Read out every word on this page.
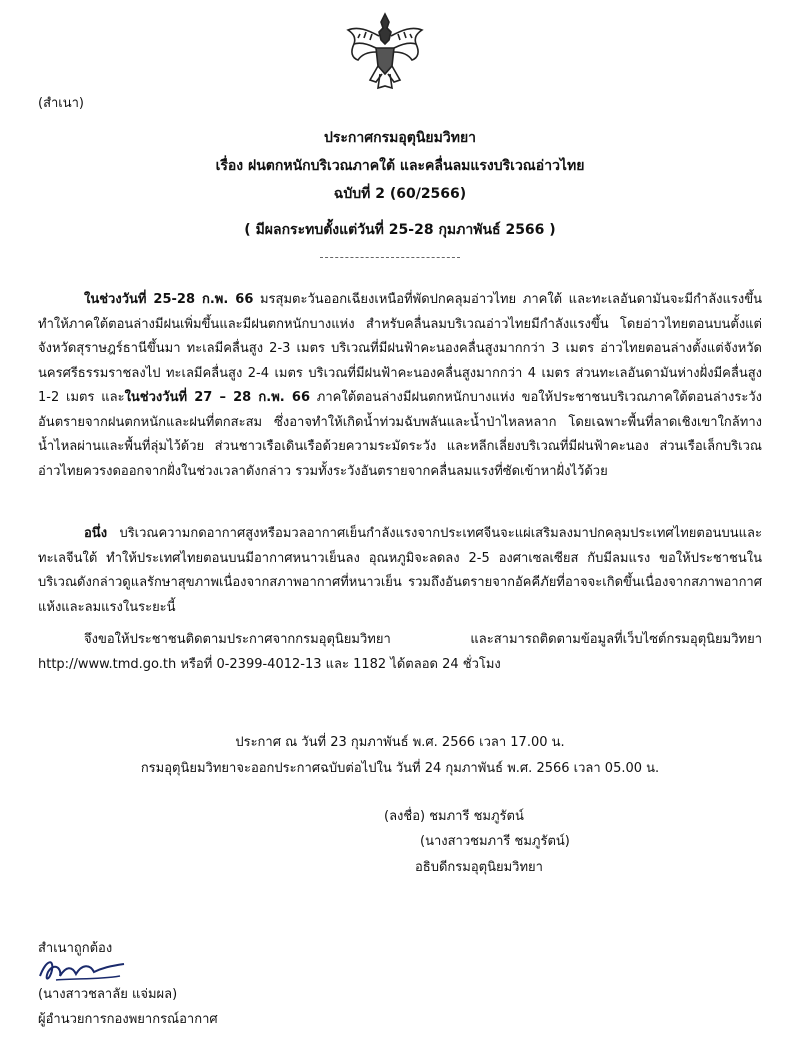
(สำเนา)
ประกาศกรมอุตุนิยมวิทยา
เรื่อง ฝนตกหนักบริเวณภาคใต้ และคลื่นลมแรงบริเวณอ่าวไทย
ฉบับที่ 2 (60/2566)
( มีผลกระทบตั้งแต่วันที่ 25-28 กุมภาพันธ์ 2566 )
ในช่วงวันที่ 25-28 ก.พ. 66 มรสุมตะวันออกเฉียงเหนือที่พัดปกคลุมอ่าวไทย ภาคใต้ และทะเลอันดามันจะมีกำลังแรงขึ้น ทำให้ภาคใต้ตอนล่างมีฝนเพิ่มขึ้นและมีฝนตกหนักบางแห่ง สำหรับคลื่นลมบริเวณอ่าวไทยมีกำลังแรงขึ้น โดยอ่าวไทยตอนบนตั้งแต่จังหวัดสุราษฎร์ธานีขึ้นมา ทะเลมีคลื่นสูง 2-3 เมตร บริเวณที่มีฝนฟ้าคะนองคลื่นสูงมากกว่า 3 เมตร อ่าวไทยตอนล่างตั้งแต่จังหวัดนครศรีธรรมราชลงไป ทะเลมีคลื่นสูง 2-4 เมตร บริเวณที่มีฝนฟ้าคะนองคลื่นสูงมากกว่า 4 เมตร ส่วนทะเลอันดามันห่างฝั่งมีคลื่นสูง 1-2 เมตร และในช่วงวันที่ 27 – 28 ก.พ. 66 ภาคใต้ตอนล่างมีฝนตกหนักบางแห่ง ขอให้ประชาชนบริเวณภาคใต้ตอนล่างระวังอันตรายจากฝนตกหนักและฝนที่ตกสะสม ซึ่งอาจทำให้เกิดน้ำท่วมฉับพลันและน้ำป่าไหลหลาก โดยเฉพาะพื้นที่ลาดเชิงเขาใกล้ทางน้ำไหลผ่านและพื้นที่ลุ่มไว้ด้วย ส่วนชาวเรือเดินเรือด้วยความระมัดระวัง และหลีกเลี่ยงบริเวณที่มีฝนฟ้าคะนอง ส่วนเรือเล็กบริเวณอ่าวไทยควรงดออกจากฝั่งในช่วงเวลาดังกล่าว รวมทั้งระวังอันตรายจากคลื่นลมแรงที่ซัดเข้าหาฝั่งไว้ด้วย
อนึ่ง บริเวณความกดอากาศสูงหรือมวลอากาศเย็นกำลังแรงจากประเทศจีนจะแผ่เสริมลงมาปกคลุมประเทศไทยตอนบนและทะเลจีนใต้ ทำให้ประเทศไทยตอนบนมีอากาศหนาวเย็นลง อุณหภูมิจะลดลง 2-5 องศาเซลเซียส กับมีลมแรง ขอให้ประชาชนในบริเวณดังกล่าวดูแลรักษาสุขภาพเนื่องจากสภาพอากาศที่หนาวเย็น รวมถึงอันตรายจากอัคคีภัยที่อาจจะเกิดขึ้นเนื่องจากสภาพอากาศแห้งและลมแรงในระยะนี้
จึงขอให้ประชาชนติดตามประกาศจากกรมอุตุนิยมวิทยา และสามารถติดตามข้อมูลที่เว็บไซต์กรมอุตุนิยมวิทยา http://www.tmd.go.th หรือที่ 0-2399-4012-13 และ 1182 ได้ตลอด 24 ชั่วโมง
ประกาศ ณ วันที่ 23 กุมภาพันธ์ พ.ศ. 2566 เวลา 17.00 น.
กรมอุตุนิยมวิทยาจะออกประกาศฉบับต่อไปใน วันที่ 24 กุมภาพันธ์ พ.ศ. 2566 เวลา 05.00 น.
(ลงชื่อ) ชมภารี ชมภูรัตน์
(นางสาวชมภารี ชมภูรัตน์)
อธิบดีกรมอุตุนิยมวิทยา
สำเนาถูกต้อง
(นางสาวชลาลัย แจ่มผล)
ผู้อำนวยการกองพยากรณ์อากาศ
